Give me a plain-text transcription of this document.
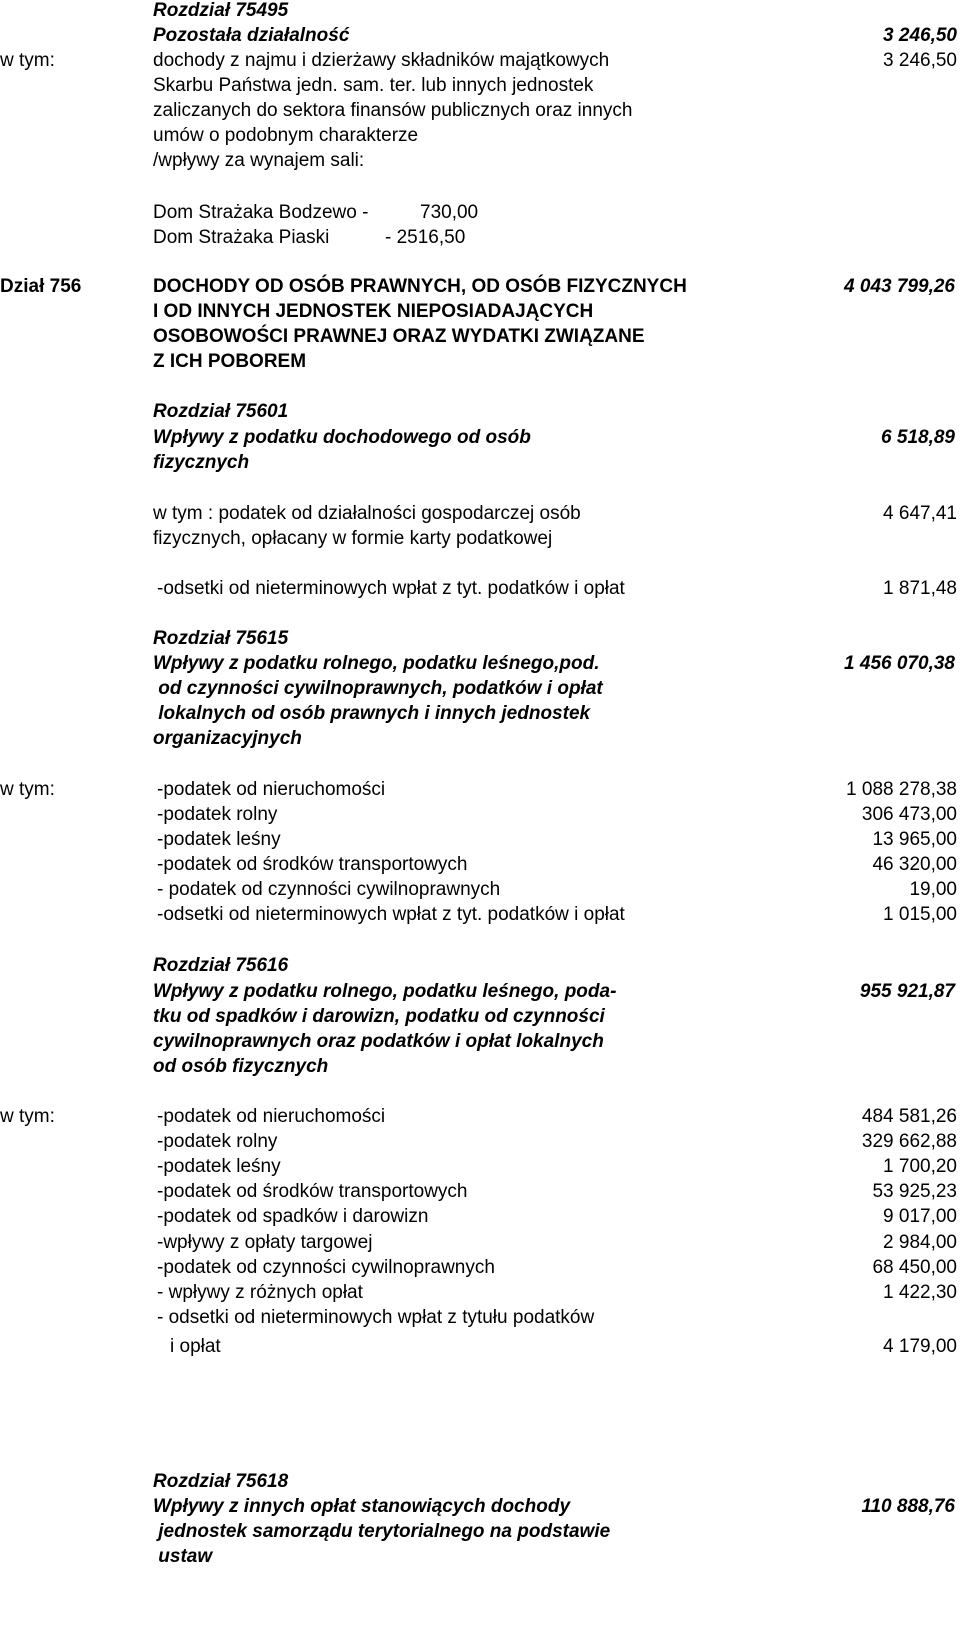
Rozdział 75495
Pozostała działalność	3 246,50
w tym:	dochody z najmu i dzierżawy składników majątkowych	3 246,50
Skarbu Państwa jedn. sam. ter. lub innych jednostek
zaliczanych do sektora finansów publicznych oraz innych
umów o podobnym charakterze
/wpływy za wynajem sali:
Dom Strażaka Bodzewo -	730,00
Dom Strażaka Piaski	- 2516,50
Dział 756	DOCHODY OD OSÓB PRAWNYCH, OD OSÓB FIZYCZNYCH	4 043 799,26
I OD INNYCH JEDNOSTEK NIEPOSIADAJĄCYCH
OSOBOWOŚCI PRAWNEJ ORAZ WYDATKI ZWIĄZANE
Z ICH POBOREM
Rozdział 75601
Wpływy z podatku dochodowego od osób	6 518,89
fizycznych
w tym : podatek od działalności gospodarczej osób	4 647,41
fizycznych, opłacany w formie karty podatkowej
-odsetki od nieterminowych wpłat z tyt. podatków i opłat	1 871,48
Rozdział 75615
Wpływy z podatku rolnego, podatku leśnego,pod.	1 456 070,38
od czynności cywilnoprawnych, podatków i opłat
lokalnych od osób prawnych i innych jednostek
organizacyjnych
w tym:	-podatek od nieruchomości	1 088 278,38
-podatek rolny	306 473,00
-podatek leśny	13 965,00
-podatek od środków transportowych	46 320,00
- podatek od czynności cywilnoprawnych	19,00
-odsetki od nieterminowych wpłat z tyt. podatków i opłat	1 015,00
Rozdział 75616
Wpływy z podatku rolnego, podatku leśnego, poda-	955 921,87
tku od spadków i darowizn, podatku od czynności
cywilnoprawnych oraz podatków i opłat lokalnych
od osób fizycznych
w tym:	-podatek od nieruchomości	484 581,26
-podatek rolny	329 662,88
-podatek leśny	1 700,20
-podatek od środków transportowych	53 925,23
-podatek od spadków i darowizn	9 017,00
-wpływy z opłaty targowej	2 984,00
-podatek od czynności cywilnoprawnych	68 450,00
- wpływy z różnych opłat	1 422,30
- odsetki od nieterminowych wpłat z tytułu podatków
i opłat	4 179,00
Rozdział 75618
Wpływy z innych opłat stanowiących dochody	110 888,76
jednostek samorządu terytorialnego na podstawie
ustaw
